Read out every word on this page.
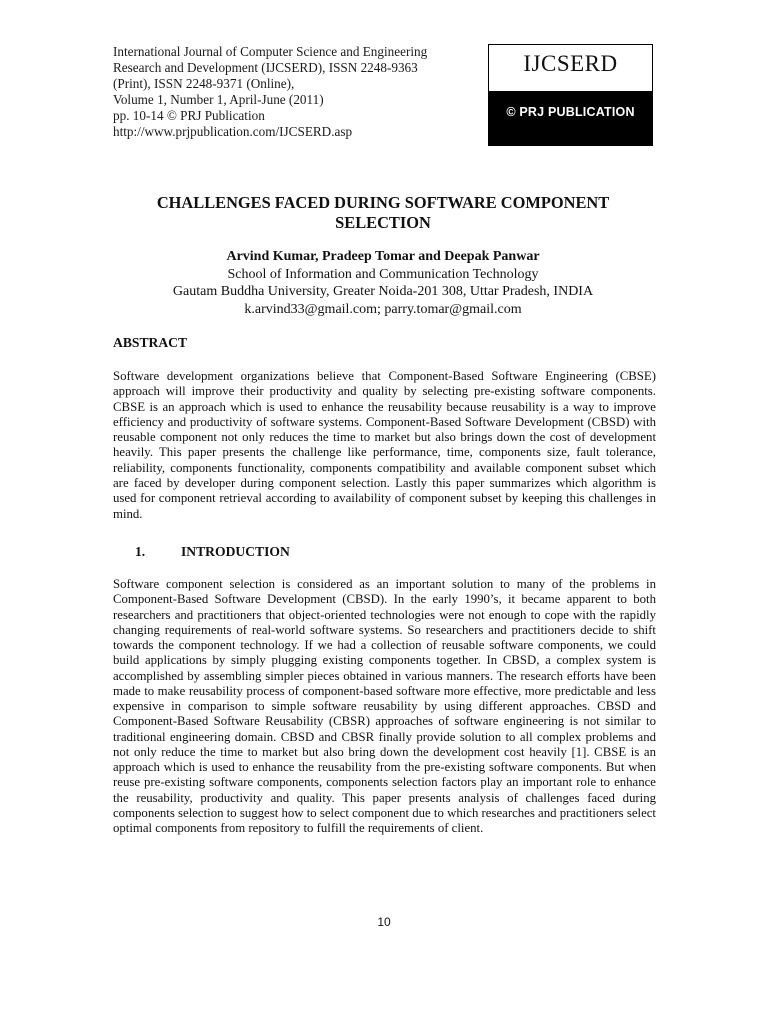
International Journal of Computer Science and Engineering
Research and Development (IJCSERD), ISSN 2248-9363
(Print), ISSN 2248-9371 (Online),
Volume 1, Number 1, April-June (2011)
pp. 10-14 © PRJ Publication
http://www.prjpublication.com/IJCSERD.asp
IJCSERD
© PRJ PUBLICATION
CHALLENGES FACED DURING SOFTWARE COMPONENT
SELECTION
Arvind Kumar, Pradeep Tomar and Deepak Panwar
School of Information and Communication Technology
Gautam Buddha University, Greater Noida-201 308, Uttar Pradesh, INDIA
k.arvind33@gmail.com; parry.tomar@gmail.com
ABSTRACT
Software development organizations believe that Component-Based Software Engineering (CBSE) approach will improve their productivity and quality by selecting pre-existing software components. CBSE is an approach which is used to enhance the reusability because reusability is a way to improve efficiency and productivity of software systems. Component-Based Software Development (CBSD) with reusable component not only reduces the time to market but also brings down the cost of development heavily. This paper presents the challenge like performance, time, components size, fault tolerance, reliability, components functionality, components compatibility and available component subset which are faced by developer during component selection. Lastly this paper summarizes which algorithm is used for component retrieval according to availability of component subset by keeping this challenges in mind.
1.	INTRODUCTION
Software component selection is considered as an important solution to many of the problems in Component-Based Software Development (CBSD). In the early 1990’s, it became apparent to both researchers and practitioners that object-oriented technologies were not enough to cope with the rapidly changing requirements of real-world software systems. So researchers and practitioners decide to shift towards the component technology. If we had a collection of reusable software components, we could build applications by simply plugging existing components together. In CBSD, a complex system is accomplished by assembling simpler pieces obtained in various manners. The research efforts have been made to make reusability process of component-based software more effective, more predictable and less expensive in comparison to simple software reusability by using different approaches. CBSD and Component-Based Software Reusability (CBSR) approaches of software engineering is not similar to traditional engineering domain. CBSD and CBSR finally provide solution to all complex problems and not only reduce the time to market but also bring down the development cost heavily [1]. CBSE is an approach which is used to enhance the reusability from the pre-existing software components. But when reuse pre-existing software components, components selection factors play an important role to enhance the reusability, productivity and quality. This paper presents analysis of challenges faced during components selection to suggest how to select component due to which researches and practitioners select optimal components from repository to fulfill the requirements of client.
10
